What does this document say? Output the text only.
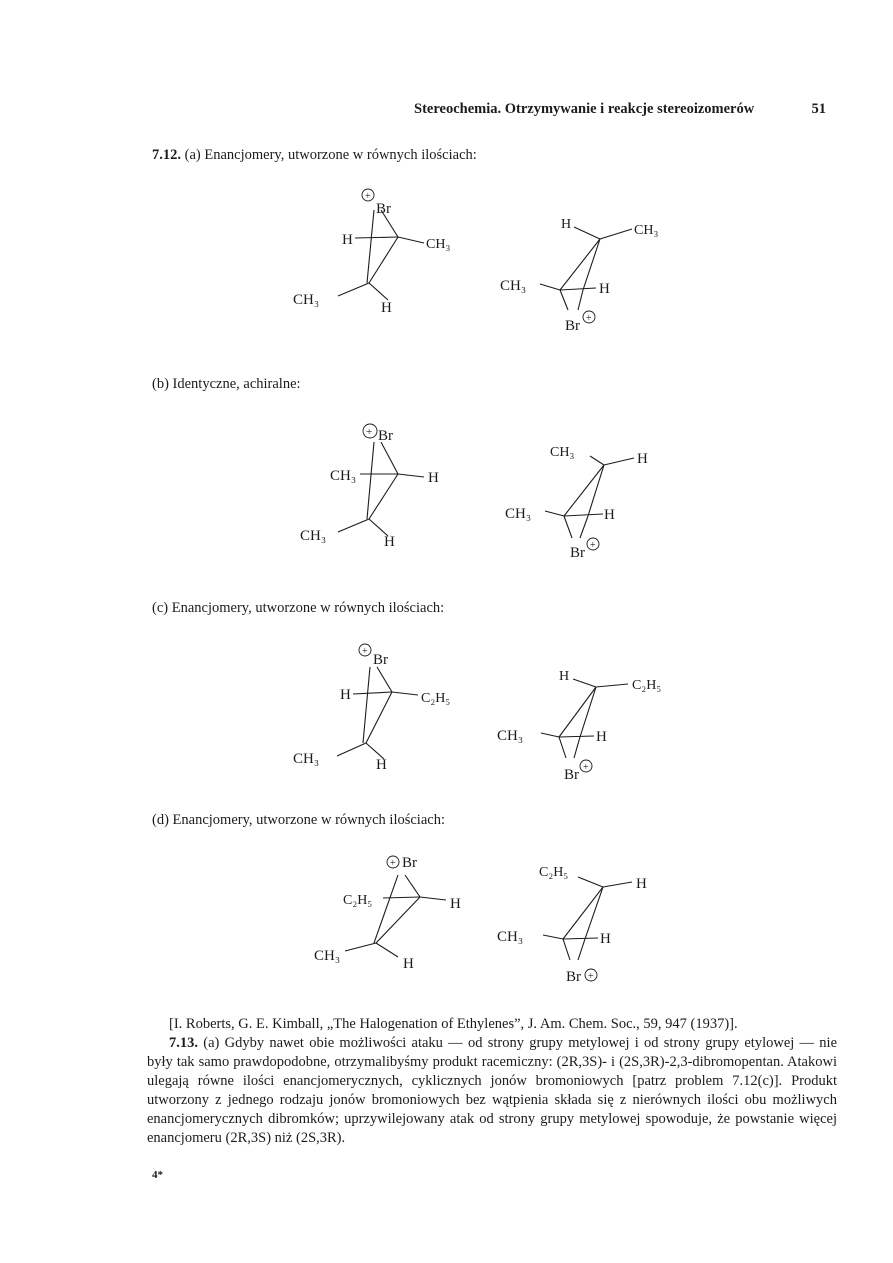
Stereochemia. Otrzymywanie i reakcje stereoizomerów	51
7.12. (a) Enancjomery, utworzone w równych ilościach:
+
Br
H	CH₃
CH₃	H
H	CH₃
CH₃	H
Br +
(b) Identyczne, achiralne:
+ Br
CH₃	H
CH₃	H
CH₃	H
CH₃	H
Br +
(c) Enancjomery, utworzone w równych ilościach:
+
Br
H	C₂H₅
CH₃	H
H
C₂H₅
CH₃	H
Br +
(d) Enancjomery, utworzone w równych ilościach:
+ Br
C₂H₅	H
CH₃	H
C₂H₅
H
CH₃	H
Br +

[I. Roberts, G. E. Kimball, „The Halogenation of Ethylenes”, J. Am. Chem. Soc., 59, 947 (1937)].

7.13. (a) Gdyby nawet obie możliwości ataku — od strony grupy metylowej i od strony grupy etylowej — nie były tak samo prawdopodobne, otrzymalibyśmy produkt racemiczny: (2R,3S)- i (2S,3R)-2,3-dibromopentan. Atakowi ulegają równe ilości enancjomerycznych, cyklicznych jonów bromoniowych [patrz problem 7.12(c)]. Produkt utworzony z jednego rodzaju jonów bromoniowych bez wątpienia składa się z nierównych ilości obu możliwych enancjomerycznych dibromków; uprzywilejowany atak od strony grupy metylowej spowoduje, że powstanie więcej enancjomeru (2R,3S) niż (2S,3R).

4*
